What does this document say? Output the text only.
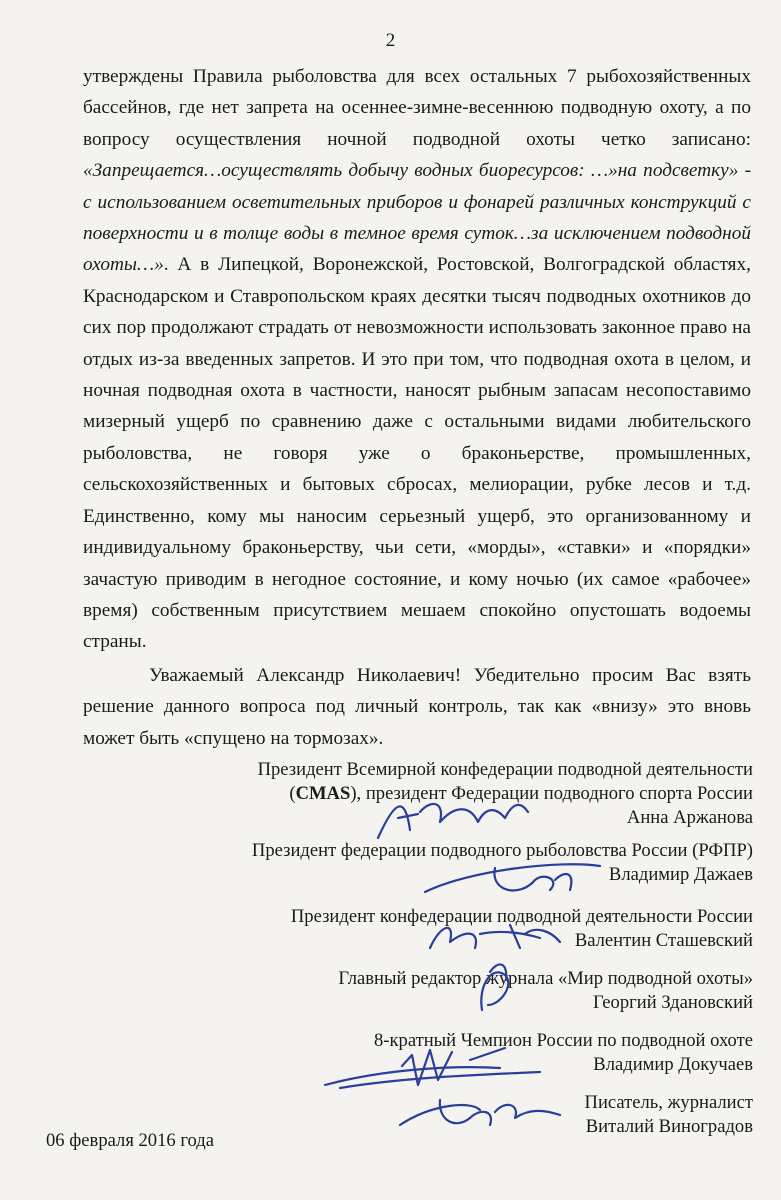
2

утверждены Правила рыболовства для всех остальных 7 рыбохозяйственных бассейнов, где нет запрета на осеннее-зимне-весеннюю подводную охоту, а по вопросу осуществления ночной подводной охоты четко записано: «Запрещается…осуществлять добычу водных биоресурсов: …»на подсветку» - с использованием осветительных приборов и фонарей различных конструкций с поверхности и в толще воды в темное время суток…за исключением подводной охоты…». А в Липецкой, Воронежской, Ростовской, Волгоградской областях, Краснодарском и Ставропольском краях десятки тысяч подводных охотников до сих пор продолжают страдать от невозможности использовать законное право на отдых из-за введенных запретов. И это при том, что подводная охота в целом, и ночная подводная охота в частности, наносят рыбным запасам несопоставимо мизерный ущерб по сравнению даже с остальными видами любительского рыболовства, не говоря уже о браконьерстве, промышленных, сельскохозяйственных и бытовых сбросах, мелиорации, рубке лесов и т.д. Единственно, кому мы наносим серьезный ущерб, это организованному и индивидуальному браконьерству, чьи сети, «морды», «ставки» и «порядки» зачастую приводим в негодное состояние, и кому ночью (их самое «рабочее» время) собственным присутствием мешаем спокойно опустошать водоемы страны.

Уважаемый Александр Николаевич! Убедительно просим Вас взять решение данного вопроса под личный контроль, так как «внизу» это вновь может быть «спущено на тормозах».

Президент Всемирной конфедерации подводной деятельности
(CMAS), президент Федерации подводного спорта России
Анна Аржанова
Президент федерации подводного рыболовства России (РФПР)
Владимир Дажаев
Президент конфедерации подводной деятельности России
Валентин Сташевский
Главный редактор журнала «Мир подводной охоты»
Георгий Здановский
8-кратный Чемпион России по подводной охоте
Владимир Докучаев
Писатель, журналист
Виталий Виноградов
06 февраля 2016 года
